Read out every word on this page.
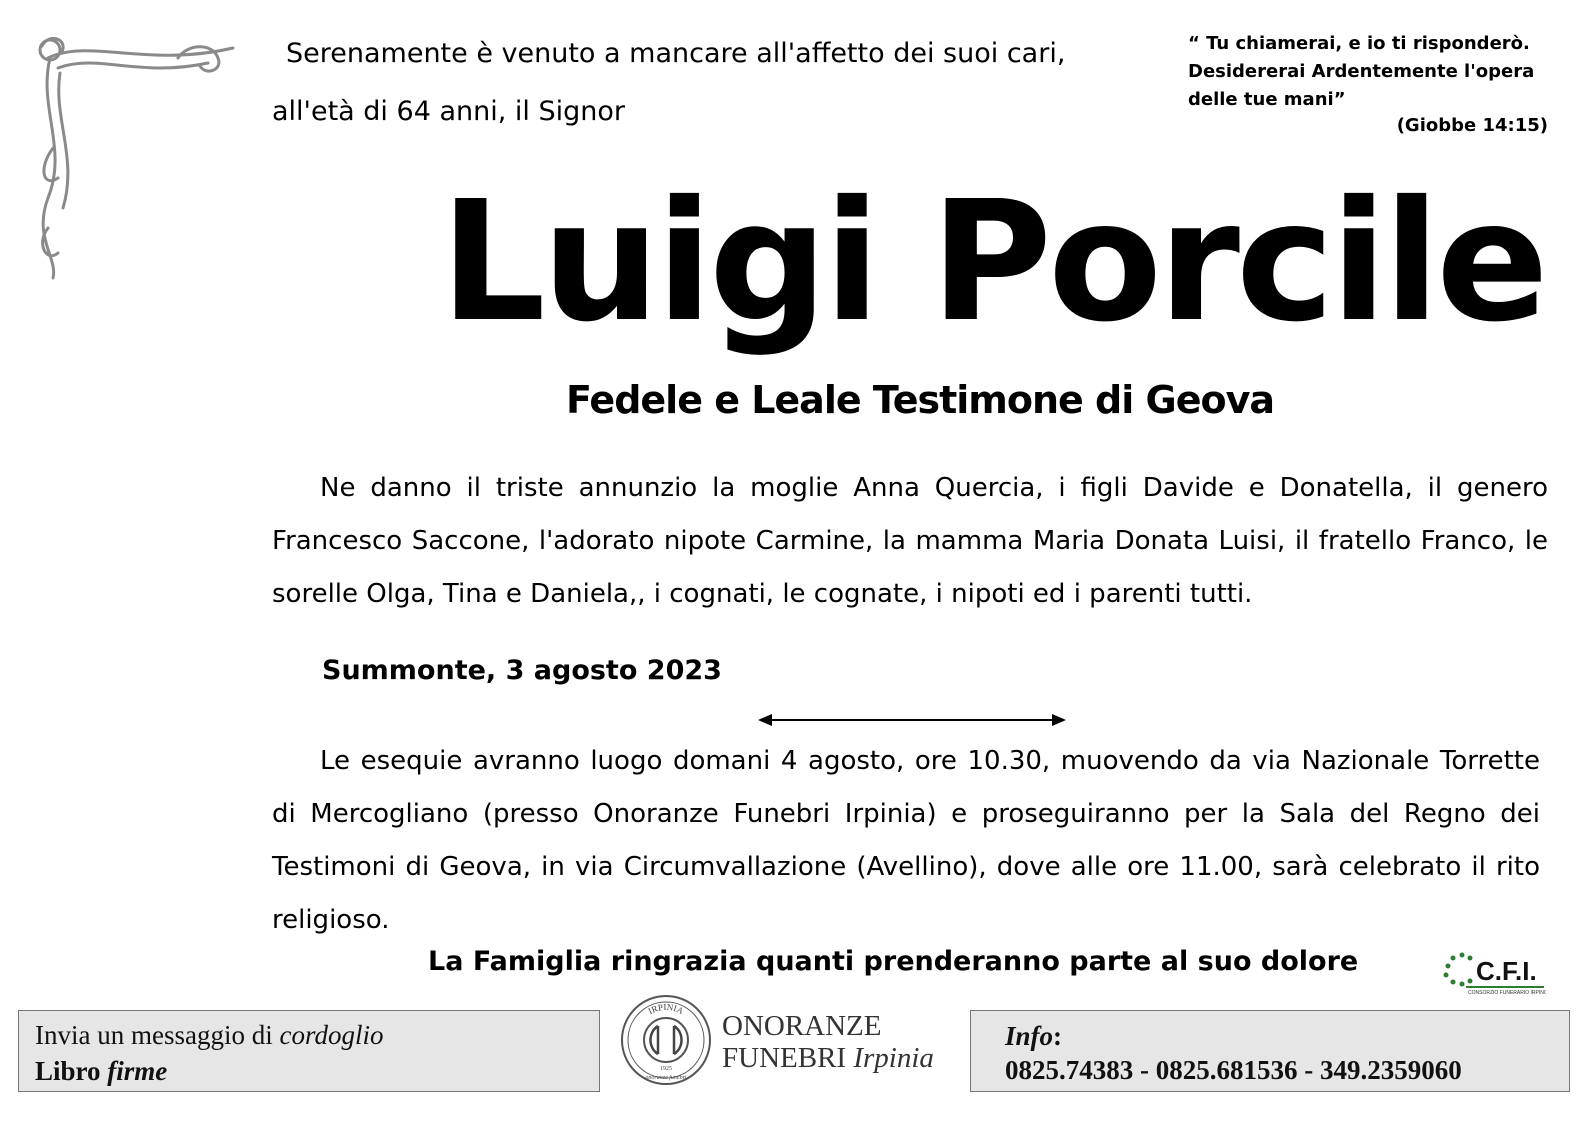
Serenamente è venuto a mancare all'affetto dei suoi cari,
all'età di 64 anni, il Signor
“ Tu chiamerai, e io ti risponderò. Desidererai Ardentemente l'opera delle tue mani”
(Giobbe 14:15)
Luigi Porcile
Fedele e Leale Testimone di Geova
Ne danno il triste annunzio la moglie Anna Quercia, i figli Davide e Donatella, il genero Francesco Saccone, l'adorato nipote Carmine, la mamma Maria Donata Luisi, il fratello Franco, le sorelle Olga, Tina e Daniela,, i cognati, le cognate, i nipoti ed i parenti tutti.
Summonte, 3 agosto 2023
Le esequie avranno luogo domani 4 agosto, ore 10.30, muovendo da via Nazionale Torrette di Mercogliano (presso Onoranze Funebri Irpinia) e proseguiranno per la Sala del Regno dei Testimoni di Geova, in via Circumvallazione (Avellino), dove alle ore 11.00, sarà celebrato il rito religioso.
La Famiglia ringrazia quanti prenderanno parte al suo dolore	C.F.I.
CONSORZIO FUNERARIO IRPINO
Invia un messaggio di cordoglio
Libro firme
IRPINIA
1925
onoranze funebri
ONORANZE
FUNEBRI Irpinia
Info:
0825.74383 - 0825.681536 - 349.2359060
